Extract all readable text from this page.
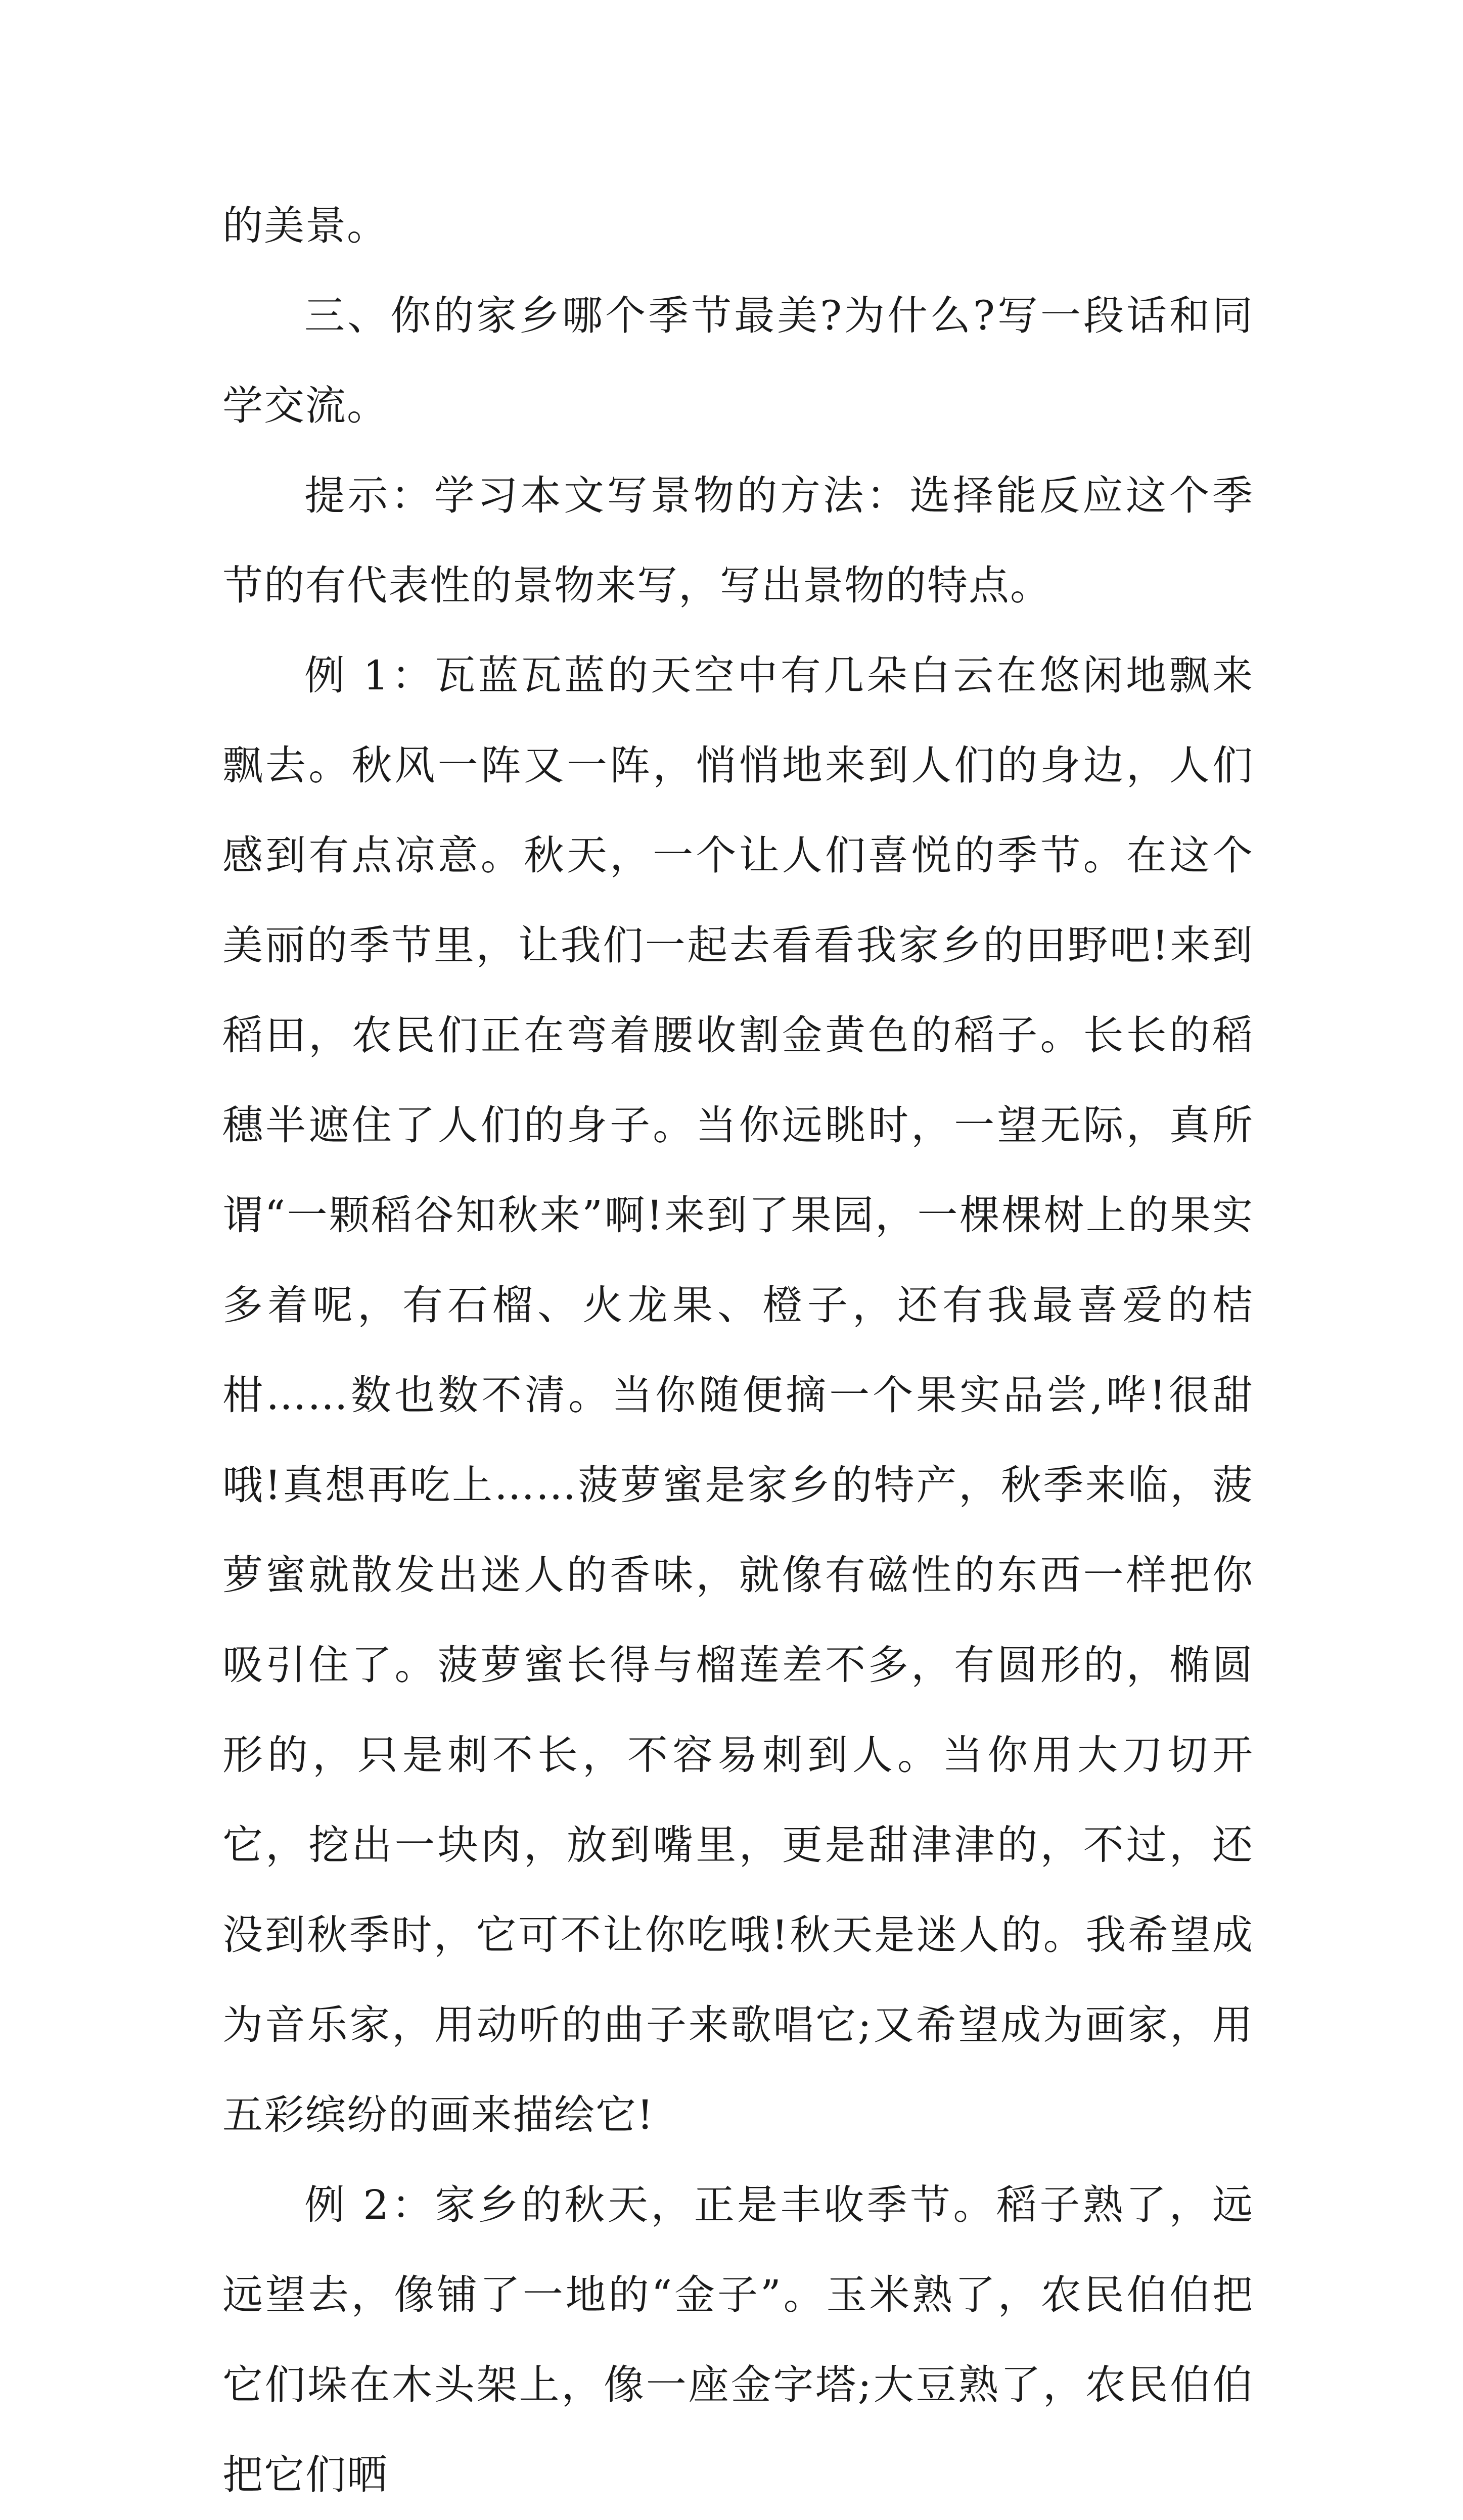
的美景。

三、你的家乡哪个季节最美?为什么?写一段话和同学交流。

提示：学习本文写景物的方法：选择能反应这个季节的有代表性的景物来写，写出景物的特点。

例 1：瓦蓝瓦蓝的天空中有几朵白云在悠闲地飘来飘去。秋风一阵又一阵，悄悄地来到人们的身边，人们感到有点凉意。秋天，一个让人们喜悦的季节。在这个美丽的季节里，让我们一起去看看我家乡的田野吧!来到稻田，农民们正在弯着腰收割金黄色的稻子。长长的稻穗半遮住了人们的身子。当你远眺时，一望无际，真所谓“一颗稻谷知秋来”啊!来到了果园，一棵棵树上的果实多着呢，有石榴、火龙果、橙子，还有我最喜爱的桔柑……数也数不清。当你随便摘一个果实品尝,哗!很甜哦!真想再吃上……菠萝蜜是家乡的特产，秋季来临，菠萝蜜就散发出迷人的香味，就像有磁性的东西一样把你吸引住了。菠萝蜜长得与榴莲差不多，有圆形的，椭圆形的，只是刺不长，不容易刺到人。当你用大刀切开它，挖出一块肉，放到嘴里，更是甜津津的，不过，还没到秋季时，它可不让你吃哦!秋天是迷人的。我希望成为音乐家，用动听的曲子来歌唱它;又希望成为画家，用五彩缤纷的画来描绘它!

例 2：家乡的秋天，正是丰收季节。稻子熟了，远远望去，像铺了一地的“金子”。玉米熟了，农民伯伯把它们垛在木头架上，像一座金字塔;大豆熟了，农民伯伯把它们晒
